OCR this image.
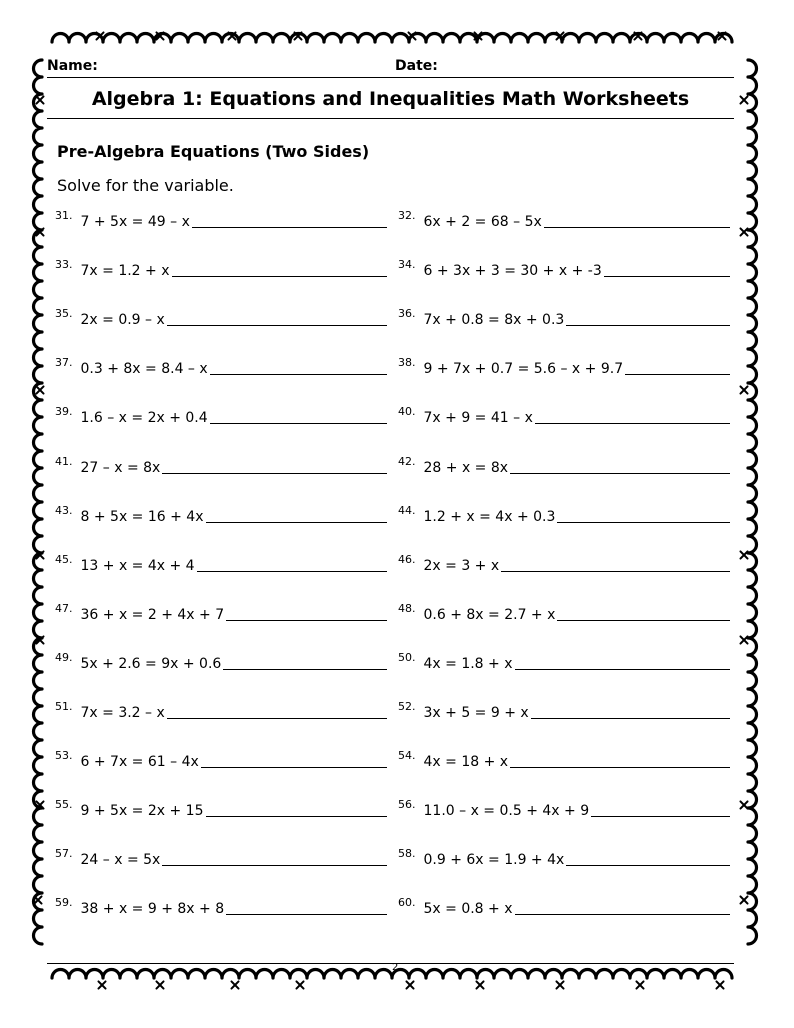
Name:	Date:
Algebra 1: Equations and Inequalities Math Worksheets
Pre-Algebra Equations (Two Sides)
Solve for the variable.
31. 7 + 5x = 49 – x	32. 6x + 2 = 68 – 5x
33. 7x = 1.2 + x	34. 6 + 3x + 3 = 30 + x + -3
35. 2x = 0.9 – x	36. 7x + 0.8 = 8x + 0.3
37. 0.3 + 8x = 8.4 – x	38. 9 + 7x + 0.7 = 5.6 – x + 9.7
39. 1.6 – x = 2x + 0.4	40. 7x + 9 = 41 – x
41. 27 – x = 8x	42. 28 + x = 8x
43. 8 + 5x = 16 + 4x	44. 1.2 + x = 4x + 0.3
45. 13 + x = 4x + 4	46. 2x = 3 + x
47. 36 + x = 2 + 4x + 7	48. 0.6 + 8x = 2.7 + x
49. 5x + 2.6 = 9x + 0.6	50. 4x = 1.8 + x
51. 7x = 3.2 – x	52. 3x + 5 = 9 + x
53. 6 + 7x = 61 – 4x	54. 4x = 18 + x
55. 9 + 5x = 2x + 15	56. 11.0 – x = 0.5 + 4x + 9
57. 24 – x = 5x	58. 0.9 + 6x = 1.9 + 4x
59. 38 + x = 9 + 8x + 8	60. 5x = 0.8 + x
2
